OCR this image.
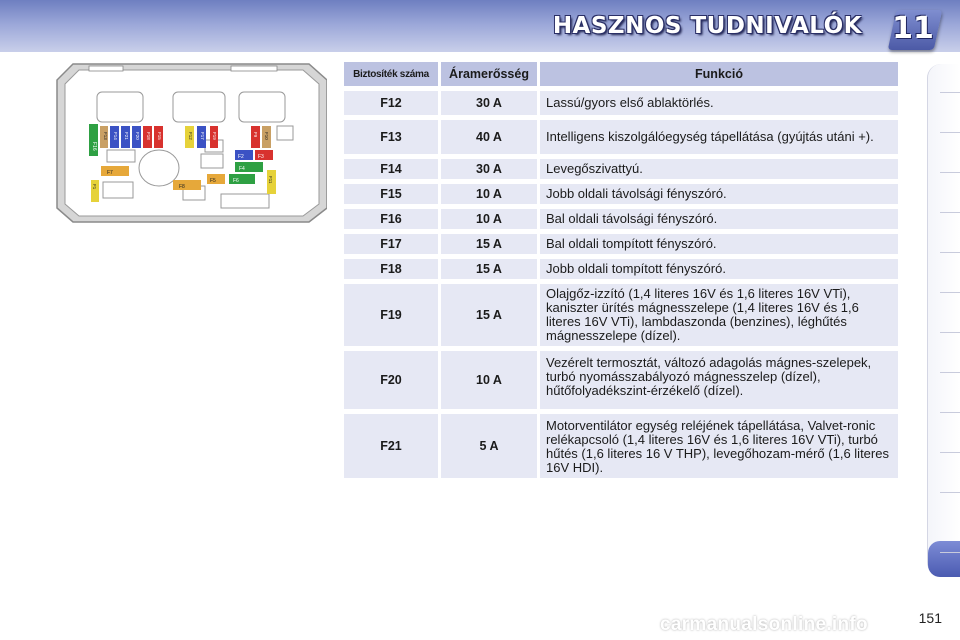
HASZNOS TUDNIVALÓK 11
F16
F13 F14 F21 F20 F18 F15	F12 F17 F19
F2	F3
F4
F5	F6
F7
F8
F9 F10
F11
F1
Biztosíték száma	Áramerősség	Funkció
F12	30 A	Lassú/gyors első ablaktörlés.
F13	40 A	Intelligens kiszolgálóegység tápellátása (gyújtás utáni +).
F14	30 A	Levegőszivattyú.
F15	10 A	Jobb oldali távolsági fényszóró.
F16	10 A	Bal oldali távolsági fényszóró.
F17	15 A	Bal oldali tompított fényszóró.
F18	15 A	Jobb oldali tompított fényszóró.
F19	15 A	Olajgőz-izzító (1,4 literes 16V és 1,6 literes 16V VTi), kaniszter ürítés mágnesszelepe (1,4 literes 16V és 1,6 literes 16V VTi), lambdaszonda (benzines), léghűtés mágnesszelepe (dízel).
F20	10 A	Vezérelt termosztát, változó adagolás mágnes-szelepek, turbó nyomásszabályozó mágnesszelep (dízel), hűtőfolyadékszint-érzékelő (dízel).
F21	5 A	Motorventilátor egység reléjének tápellátása, Valvet-ronic relékapcsoló (1,4 literes 16V és 1,6 literes 16V VTi), turbó hűtés (1,6 literes 16 V THP), levegőhozam-mérő (1,6 literes 16V HDI).
151
carmanualsonline.info
